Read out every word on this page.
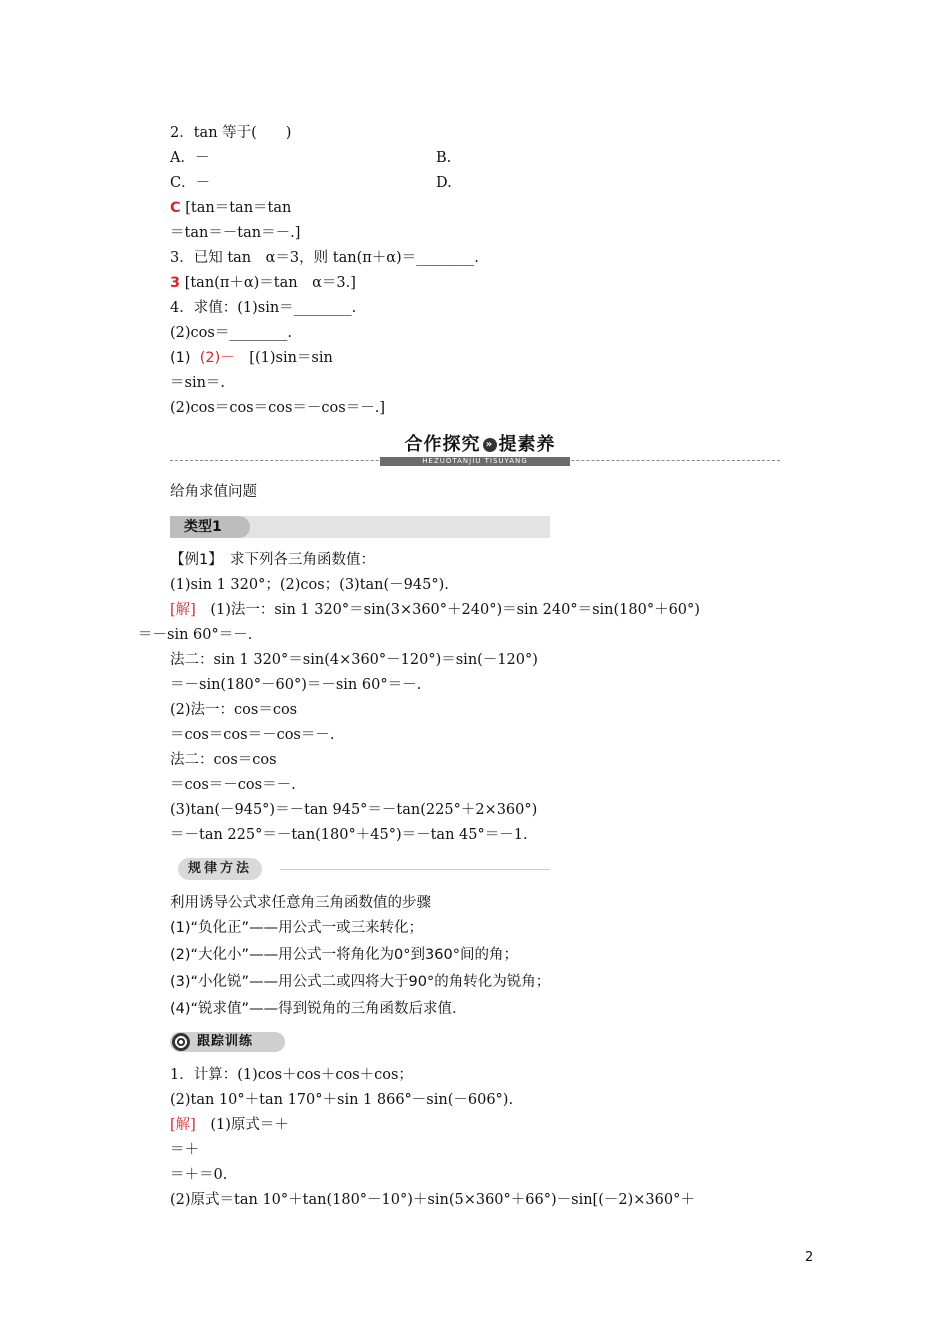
2．tan 等于(　　)
A．－	B.
C．－	D.
C [tan＝tan＝tan
＝tan＝－tan＝－.]
3．已知 tan　α＝3，则 tan(π＋α)＝________.
3 [tan(π＋α)＝tan　α＝3.]
4．求值：(1)sin＝________.
(2)cos＝________.
(1) (2)－　[(1)sin＝sin
＝sin＝.
(2)cos＝cos＝cos＝－cos＝－.]
合作探究 » 提素养
HEZUOTANJIU TISUYANG
给角求值问题
类型1
【例1】　求下列各三角函数值：
(1)sin 1 320°；(2)cos；(3)tan(－945°).
[解]　(1)法一：sin 1 320°＝sin(3×360°＋240°)＝sin 240°＝sin(180°＋60°)
＝－sin 60°＝－.
法二：sin 1 320°＝sin(4×360°－120°)＝sin(－120°)
＝－sin(180°－60°)＝－sin 60°＝－.
(2)法一：cos＝cos
＝cos＝cos＝－cos＝－.
法二：cos＝cos
＝cos＝－cos＝－.
(3)tan(－945°)＝－tan 945°＝－tan(225°＋2×360°)
＝－tan 225°＝－tan(180°＋45°)＝－tan 45°＝－1.
规律方法
利用诱导公式求任意角三角函数值的步骤
(1)“负化正”——用公式一或三来转化；
(2)“大化小”——用公式一将角化为0°到360°间的角；
(3)“小化锐”——用公式二或四将大于90°的角转化为锐角；
(4)“锐求值”——得到锐角的三角函数后求值.
跟踪训练
1．计算：(1)cos＋cos＋cos＋cos；
(2)tan 10°＋tan 170°＋sin 1 866°－sin(－606°).
[解]　(1)原式＝＋
＝＋
＝＋＝0.
(2)原式＝tan 10°＋tan(180°－10°)＋sin(5×360°＋66°)－sin[(－2)×360°＋
2
